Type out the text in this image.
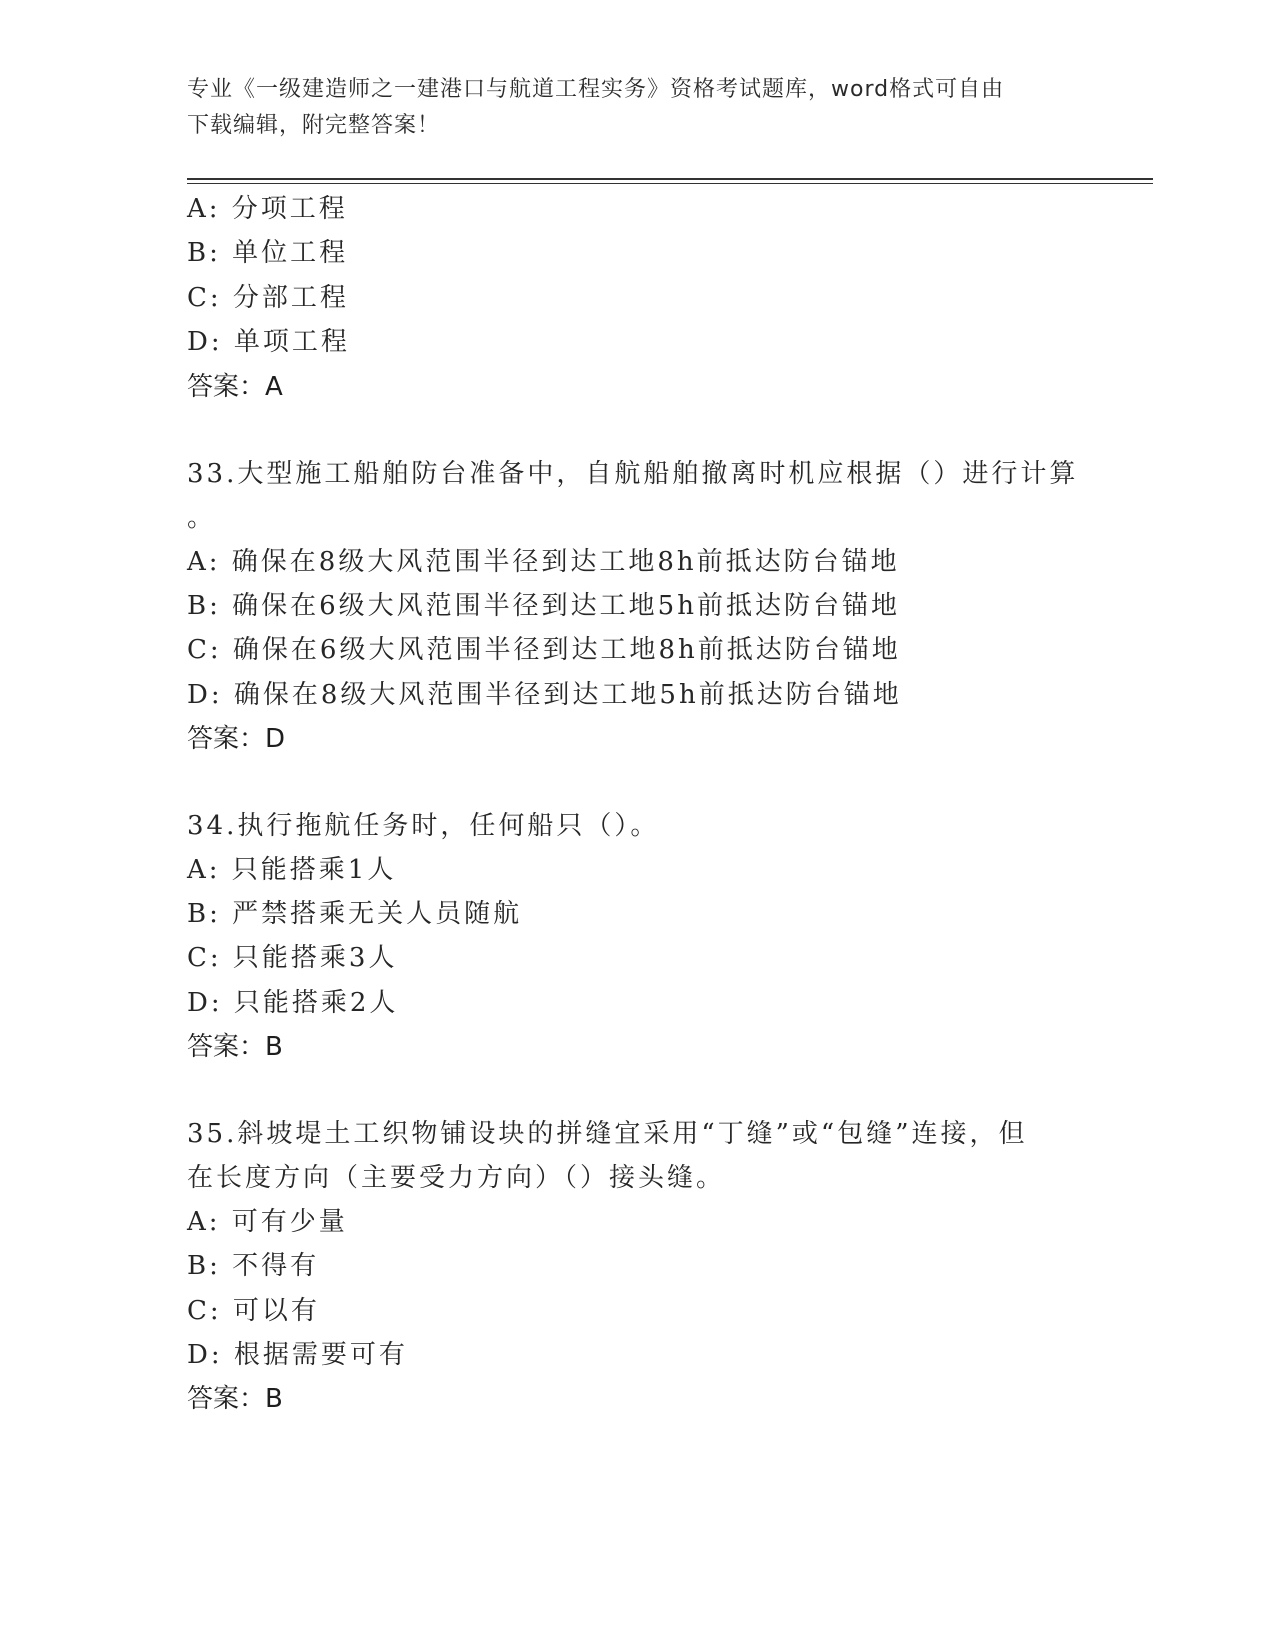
专业《一级建造师之一建港口与航道工程实务》资格考试题库，word格式可自由
下载编辑，附完整答案！
A: 分项工程
B: 单位工程
C: 分部工程
D: 单项工程
答案：A
33.大型施工船舶防台准备中，自航船舶撤离时机应根据（）进行计算
。
A: 确保在8级大风范围半径到达工地8h前抵达防台锚地
B: 确保在6级大风范围半径到达工地5h前抵达防台锚地
C: 确保在6级大风范围半径到达工地8h前抵达防台锚地
D: 确保在8级大风范围半径到达工地5h前抵达防台锚地
答案：D
34.执行拖航任务时，任何船只（）。
A: 只能搭乘1人
B: 严禁搭乘无关人员随航
C: 只能搭乘3人
D: 只能搭乘2人
答案：B
35.斜坡堤土工织物铺设块的拼缝宜采用“丁缝”或“包缝”连接，但
在长度方向（主要受力方向）（）接头缝。
A: 可有少量
B: 不得有
C: 可以有
D: 根据需要可有
答案：B
